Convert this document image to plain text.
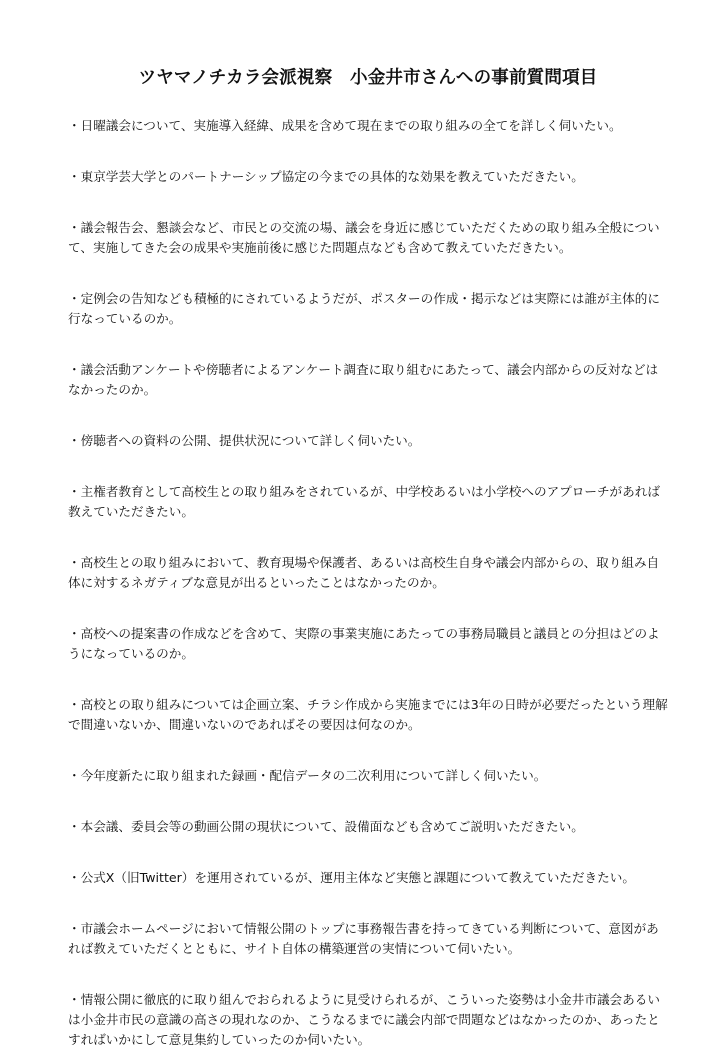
ツヤマノチカラ会派視察　小金井市さんへの事前質問項目
・日曜議会について、実施導入経緯、成果を含めて現在までの取り組みの全てを詳しく伺いたい。
・東京学芸大学とのパートナーシップ協定の今までの具体的な効果を教えていただきたい。
・議会報告会、懇談会など、市民との交流の場、議会を身近に感じていただくための取り組み全般について、実施してきた会の成果や実施前後に感じた問題点なども含めて教えていただきたい。
・定例会の告知なども積極的にされているようだが、ポスターの作成・掲示などは実際には誰が主体的に行なっているのか。
・議会活動アンケートや傍聴者によるアンケート調査に取り組むにあたって、議会内部からの反対などはなかったのか。
・傍聴者への資料の公開、提供状況について詳しく伺いたい。
・主権者教育として高校生との取り組みをされているが、中学校あるいは小学校へのアプローチがあれば教えていただきたい。
・高校生との取り組みにおいて、教育現場や保護者、あるいは高校生自身や議会内部からの、取り組み自体に対するネガティブな意見が出るといったことはなかったのか。
・高校への提案書の作成などを含めて、実際の事業実施にあたっての事務局職員と議員との分担はどのようになっているのか。
・高校との取り組みについては企画立案、チラシ作成から実施までには3年の日時が必要だったという理解で間違いないか、間違いないのであればその要因は何なのか。
・今年度新たに取り組まれた録画・配信データの二次利用について詳しく伺いたい。
・本会議、委員会等の動画公開の現状について、設備面なども含めてご説明いただきたい。
・公式X（旧Twitter）を運用されているが、運用主体など実態と課題について教えていただきたい。
・市議会ホームページにおいて情報公開のトップに事務報告書を持ってきている判断について、意図があれば教えていただくとともに、サイト自体の構築運営の実情について伺いたい。
・情報公開に徹底的に取り組んでおられるように見受けられるが、こういった姿勢は小金井市議会あるいは小金井市民の意識の高さの現れなのか、こうなるまでに議会内部で問題などはなかったのか、あったとすればいかにして意見集約していったのか伺いたい。
